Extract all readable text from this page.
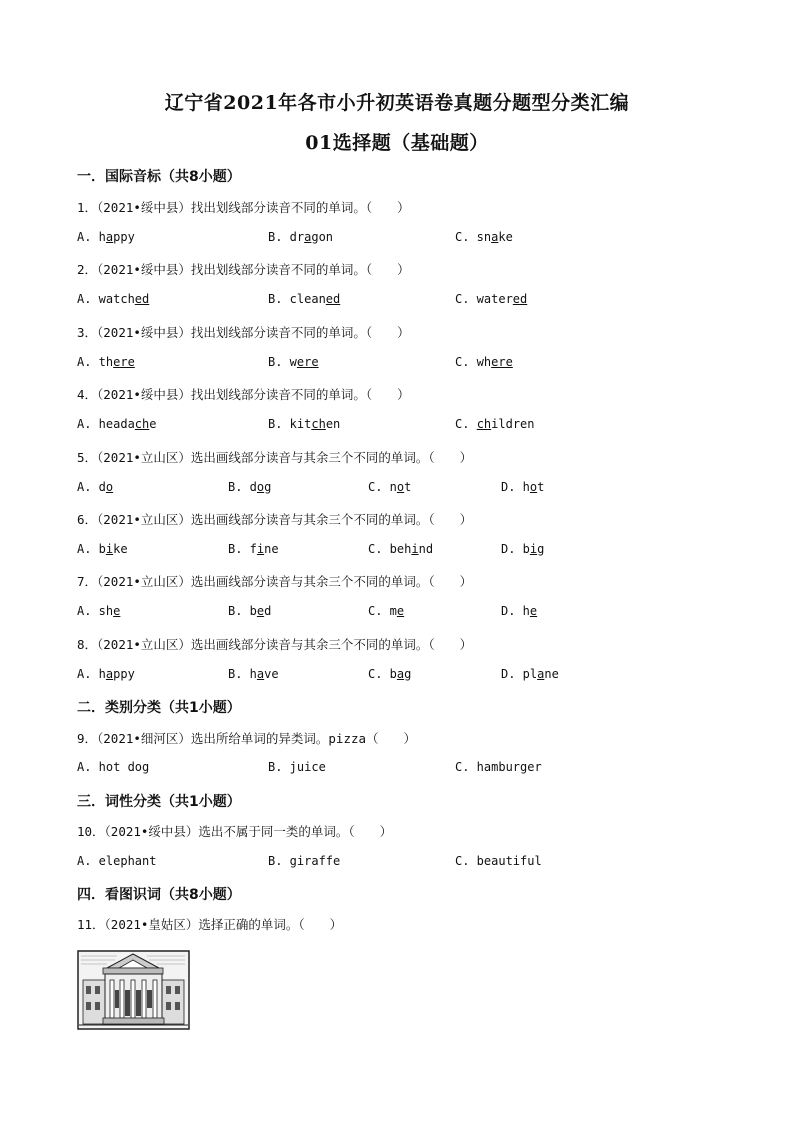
辽宁省2021年各市小升初英语卷真题分题型分类汇编
01选择题（基础题）
一．国际音标（共8小题）
1．（2021•绥中县）找出划线部分读音不同的单词。（　　）
A. happy	B. dragon	C. snake
2．（2021•绥中县）找出划线部分读音不同的单词。（　　）
A. watched	B. cleaned	C. watered
3．（2021•绥中县）找出划线部分读音不同的单词。（　　）
A. there	B. were	C. where
4．（2021•绥中县）找出划线部分读音不同的单词。（　　）
A. headache	B. kitchen	C. children
5．（2021•立山区）选出画线部分读音与其余三个不同的单词。（　　）
A. do	B. dog	C. not	D. hot
6．（2021•立山区）选出画线部分读音与其余三个不同的单词。（　　）
A. bike	B. fine	C. behind	D. big
7．（2021•立山区）选出画线部分读音与其余三个不同的单词。（　　）
A. she	B. bed	C. me	D. he
8．（2021•立山区）选出画线部分读音与其余三个不同的单词。（　　）
A. happy	B. have	C. bag	D. plane
二．类别分类（共1小题）
9．（2021•细河区）选出所给单词的异类词。pizza（　　）
A. hot dog	B. juice	C. hamburger
三．词性分类（共1小题）
10．（2021•绥中县）选出不属于同一类的单词。（　　）
A. elephant	B. giraffe	C. beautiful
四．看图识词（共8小题）
11．（2021•皇姑区）选择正确的单词。（　　）
